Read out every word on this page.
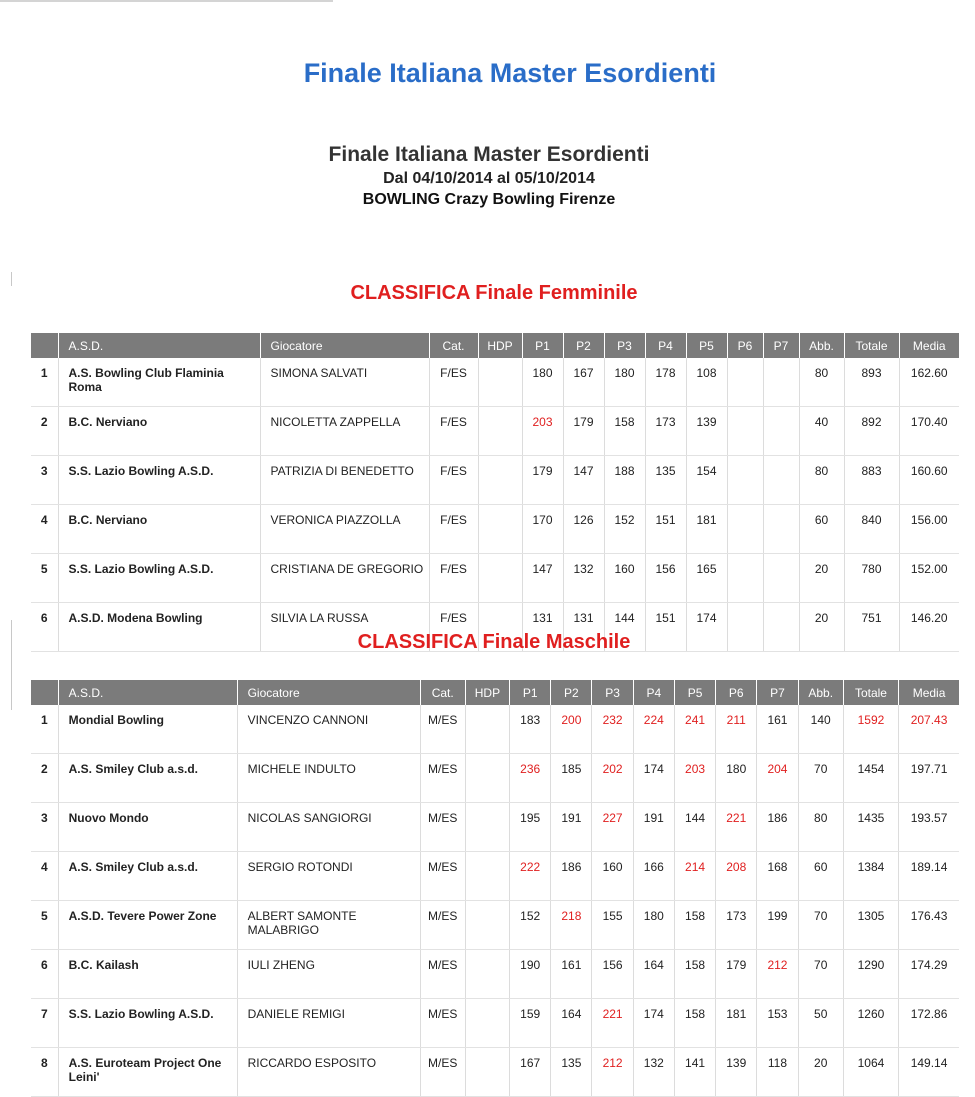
Finale Italiana Master Esordienti
Finale Italiana Master Esordienti
Dal 04/10/2014 al 05/10/2014
BOWLING Crazy Bowling Firenze
CLASSIFICA Finale Femminile
	A.S.D.	Giocatore	Cat.	HDP	P1	P2	P3	P4	P5	P6	P7	Abb.	Totale	Media
1	A.S. Bowling Club Flaminia Roma	SIMONA SALVATI	F/ES		180	167	180	178	108			80	893	162.60
2	B.C. Nerviano	NICOLETTA ZAPPELLA	F/ES		203	179	158	173	139			40	892	170.40
3	S.S. Lazio Bowling A.S.D.	PATRIZIA DI BENEDETTO	F/ES		179	147	188	135	154			80	883	160.60
4	B.C. Nerviano	VERONICA PIAZZOLLA	F/ES		170	126	152	151	181			60	840	156.00
5	S.S. Lazio Bowling A.S.D.	CRISTIANA DE GREGORIO	F/ES		147	132	160	156	165			20	780	152.00
6	A.S.D. Modena Bowling	SILVIA LA RUSSA	F/ES		131	131	144	151	174			20	751	146.20
CLASSIFICA Finale Maschile
	A.S.D.	Giocatore	Cat.	HDP	P1	P2	P3	P4	P5	P6	P7	Abb.	Totale	Media
1	Mondial Bowling	VINCENZO CANNONI	M/ES		183	200	232	224	241	211	161	140	1592	207.43
2	A.S. Smiley Club a.s.d.	MICHELE INDULTO	M/ES		236	185	202	174	203	180	204	70	1454	197.71
3	Nuovo Mondo	NICOLAS SANGIORGI	M/ES		195	191	227	191	144	221	186	80	1435	193.57
4	A.S. Smiley Club a.s.d.	SERGIO ROTONDI	M/ES		222	186	160	166	214	208	168	60	1384	189.14
5	A.S.D. Tevere Power Zone	ALBERT SAMONTE MALABRIGO	M/ES		152	218	155	180	158	173	199	70	1305	176.43
6	B.C. Kailash	IULI ZHENG	M/ES		190	161	156	164	158	179	212	70	1290	174.29
7	S.S. Lazio Bowling A.S.D.	DANIELE REMIGI	M/ES		159	164	221	174	158	181	153	50	1260	172.86
8	A.S. Euroteam Project One Leini'	RICCARDO ESPOSITO	M/ES		167	135	212	132	141	139	118	20	1064	149.14
